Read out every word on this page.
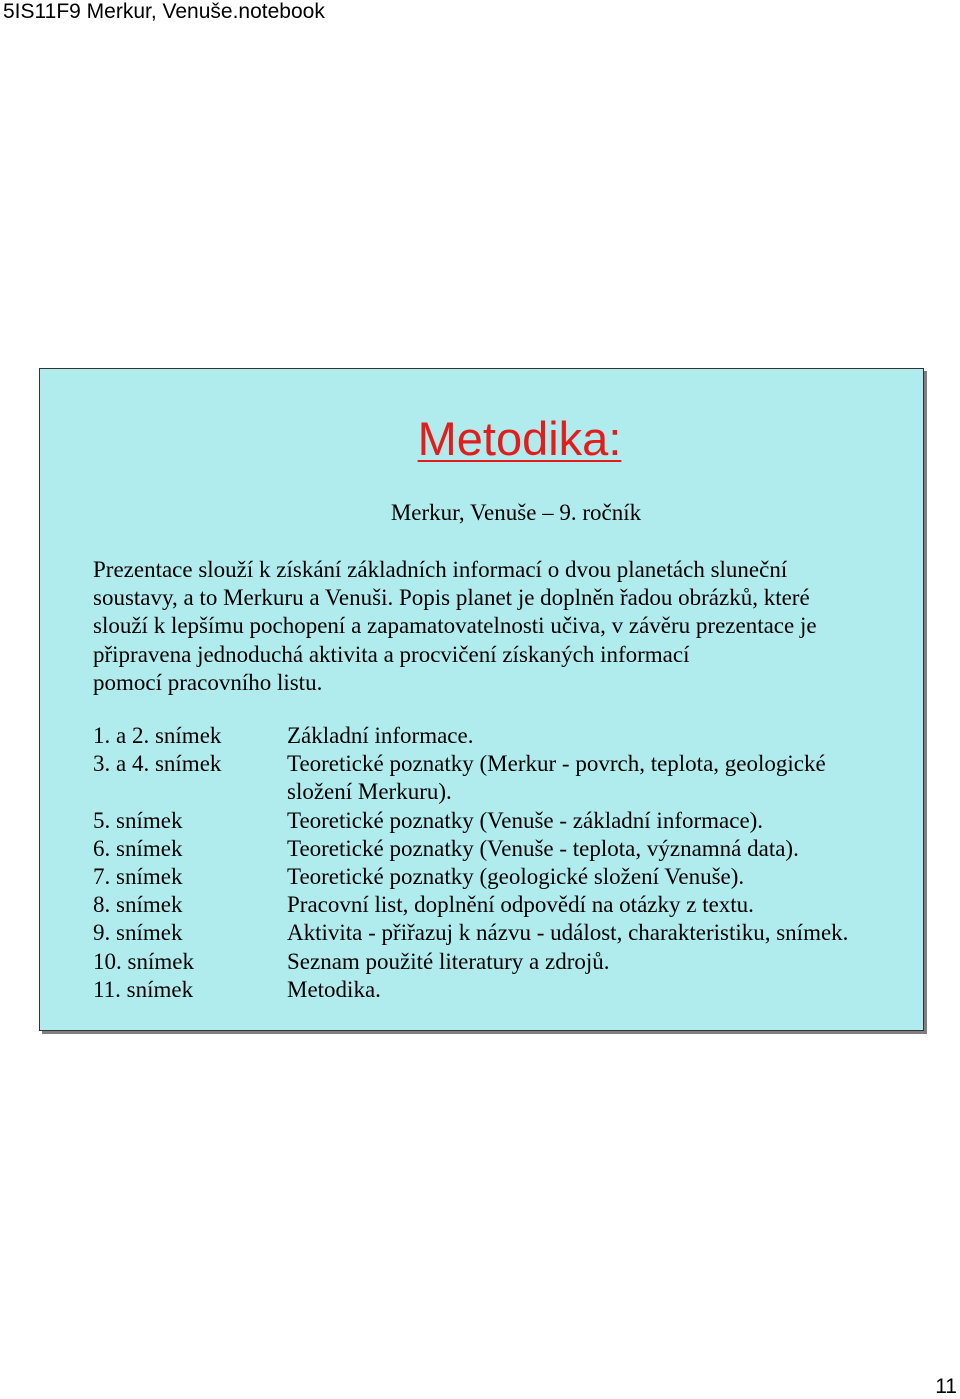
5IS11F9 Merkur, Venuše.notebook
Metodika:
Merkur, Venuše – 9. ročník
Prezentace slouží k získání základních informací o dvou planetách sluneční
soustavy, a to Merkuru a Venuši. Popis planet je doplněn řadou obrázků, které
slouží k lepšímu pochopení a zapamatovatelnosti učiva, v závěru prezentace je
připravena jednoduchá aktivita a procvičení získaných informací
pomocí pracovního listu.
1. a 2. snímek	Základní informace.
3. a 4. snímek	Teoretické poznatky (Merkur - povrch, teplota, geologické
složení Merkuru).
5. snímek	Teoretické poznatky (Venuše - základní informace).
6. snímek	Teoretické poznatky (Venuše - teplota, významná data).
7. snímek	Teoretické poznatky (geologické složení Venuše).
8. snímek	Pracovní list, doplnění odpovědí na otázky z textu.
9. snímek	Aktivita - přiřazuj k názvu - událost, charakteristiku, snímek.
10. snímek	Seznam použité literatury a zdrojů.
11. snímek	Metodika.
11
